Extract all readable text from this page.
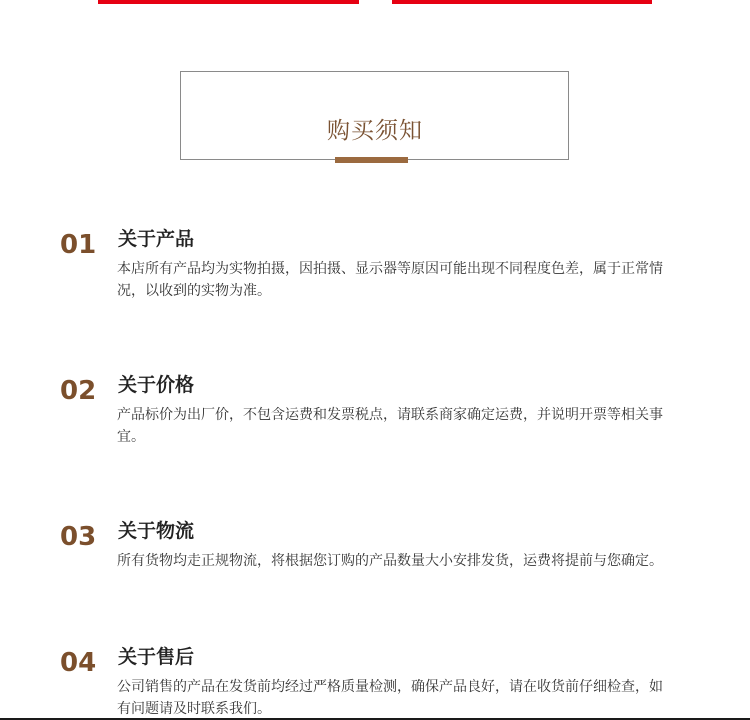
购买须知
01 关于产品
本店所有产品均为实物拍摄，因拍摄、显示器等原因可能出现不同程度色差，属于正常情况，以收到的实物为准。
02 关于价格
产品标价为出厂价，不包含运费和发票税点，请联系商家确定运费，并说明开票等相关事宜。
03 关于物流
所有货物均走正规物流，将根据您订购的产品数量大小安排发货，运费将提前与您确定。
04 关于售后
公司销售的产品在发货前均经过严格质量检测，确保产品良好，请在收货前仔细检查，如有问题请及时联系我们。
